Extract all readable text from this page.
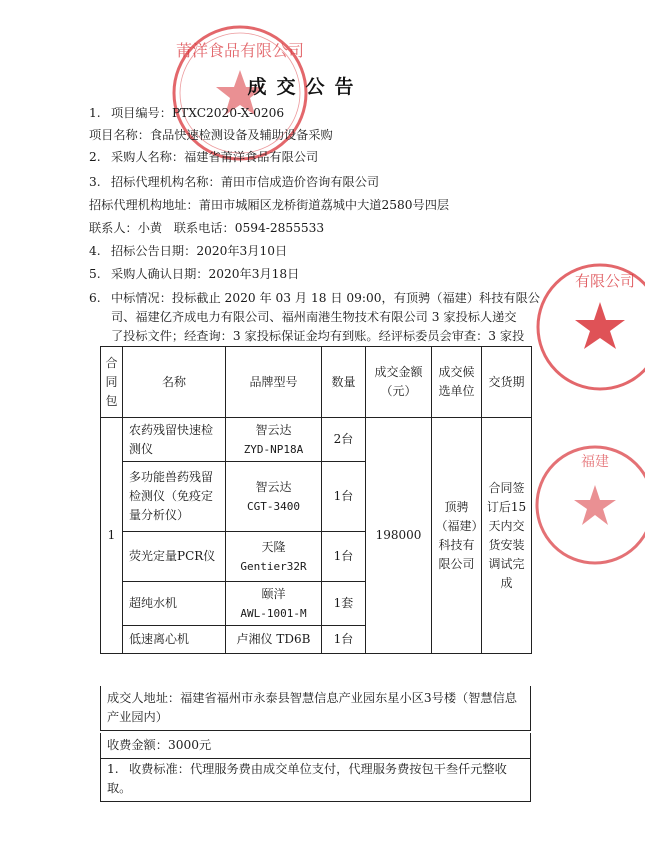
莆洋食品有限公司
有限公司
福建
成交公告
1. 项目编号：PTXC2020-X-0206
项目名称：食品快速检测设备及辅助设备采购
2. 采购人名称：福建省莆洋食品有限公司
3. 招标代理机构名称：莆田市信成造价咨询有限公司
招标代理机构地址：莆田市城厢区龙桥街道荔城中大道2580号四层
联系人：小黄 联系电话：0594-2855533
4. 招标公告日期：2020年3月10日
5. 采购人确认日期：2020年3月18日
6. 中标情况：投标截止 2020 年 03 月 18 日 09:00，有顶骋（福建）科技有限公
司、福建亿齐成电力有限公司、福州南港生物技术有限公司 3 家投标人递交
了投标文件；经查询：3 家投标保证金均有到账。经评标委员会审查：3 家投
合同包	名称	品牌型号	数量	成交金额（元）	成交候选单位	交货期
1	农药残留快速检测仪	智云达
ZYD-NP18A	2台	198000	顶骋（福建）科技有限公司	合同签订后15天内交货安装调试完成
	多功能兽药残留检测仪（免疫定量分析仪）	智云达
CGT-3400	1台			
	荧光定量PCR仪	天隆
Gentier32R	1台			
	超纯水机	颐洋
AWL-1001-M	1套			
	低速离心机	卢湘仪 TD6B	1台			
成交人地址：福建省福州市永泰县智慧信息产业园东星小区3号楼（智慧信息产业园内）
收费金额：3000元
1. 收费标准：代理服务费由成交单位支付，代理服务费按包干叁仟元整收取。
